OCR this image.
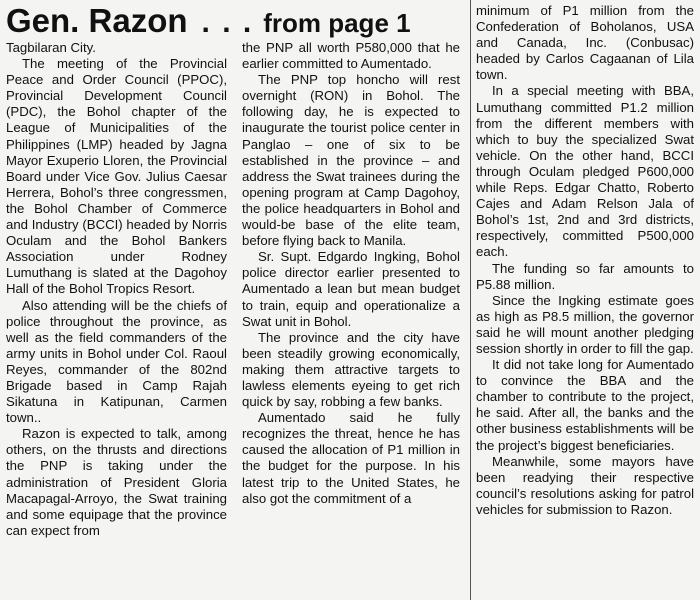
Gen. Razon . . . from page 1

Tagbilaran City.

The meeting of the Provincial Peace and Order Council (PPOC), Provincial Development Council (PDC), the Bohol chapter of the League of Municipalities of the Philippines (LMP) headed by Jagna Mayor Exuperio Lloren, the Provincial Board under Vice Gov. Julius Caesar Herrera, Bohol’s three congressmen, the Bohol Chamber of Commerce and Industry (BCCI) headed by Norris Oculam and the Bohol Bankers Association under Rodney Lumuthang is slated at the Dagohoy Hall of the Bohol Tropics Resort.

Also attending will be the chiefs of police throughout the province, as well as the field commanders of the army units in Bohol under Col. Raoul Reyes, commander of the 802nd Brigade based in Camp Rajah Sikatuna in Katipunan, Carmen town..

Razon is expected to talk, among others, on the thrusts and directions the PNP is taking under the administration of President Gloria Macapagal-Arroyo, the Swat training and some equipage that the province can expect from

the PNP all worth P580,000 that he earlier committed to Aumentado.

The PNP top honcho will rest overnight (RON) in Bohol. The following day, he is expected to inaugurate the tourist police center in Panglao – one of six to be established in the province – and address the Swat trainees during the opening program at Camp Dagohoy, the police headquarters in Bohol and would-be base of the elite team, before flying back to Manila.

Sr. Supt. Edgardo Ingking, Bohol police director earlier presented to Aumentado a lean but mean budget to train, equip and operationalize a Swat unit in Bohol.

The province and the city have been steadily growing economically, making them attractive targets to lawless elements eyeing to get rich quick by say, robbing a few banks.

Aumentado said he fully recognizes the threat, hence he has caused the allocation of P1 million in the budget for the purpose. In his latest trip to the United States, he also got the commitment of a

minimum of P1 million from the Confederation of Boholanos, USA and Canada, Inc. (Conbusac) headed by Carlos Cagaanan of Lila town.

In a special meeting with BBA, Lumuthang committed P1.2 million from the different members with which to buy the specialized Swat vehicle. On the other hand, BCCI through Oculam pledged P600,000 while Reps. Edgar Chatto, Roberto Cajes and Adam Relson Jala of Bohol’s 1st, 2nd and 3rd districts, respectively, committed P500,000 each.

The funding so far amounts to P5.88 million.

Since the Ingking estimate goes as high as P8.5 million, the governor said he will mount another pledging session shortly in order to fill the gap.

It did not take long for Aumentado to convince the BBA and the chamber to contribute to the project, he said. After all, the banks and the other business establishments will be the project’s biggest beneficiaries.

Meanwhile, some mayors have been readying their respective council’s resolutions asking for patrol vehicles for submission to Razon.
